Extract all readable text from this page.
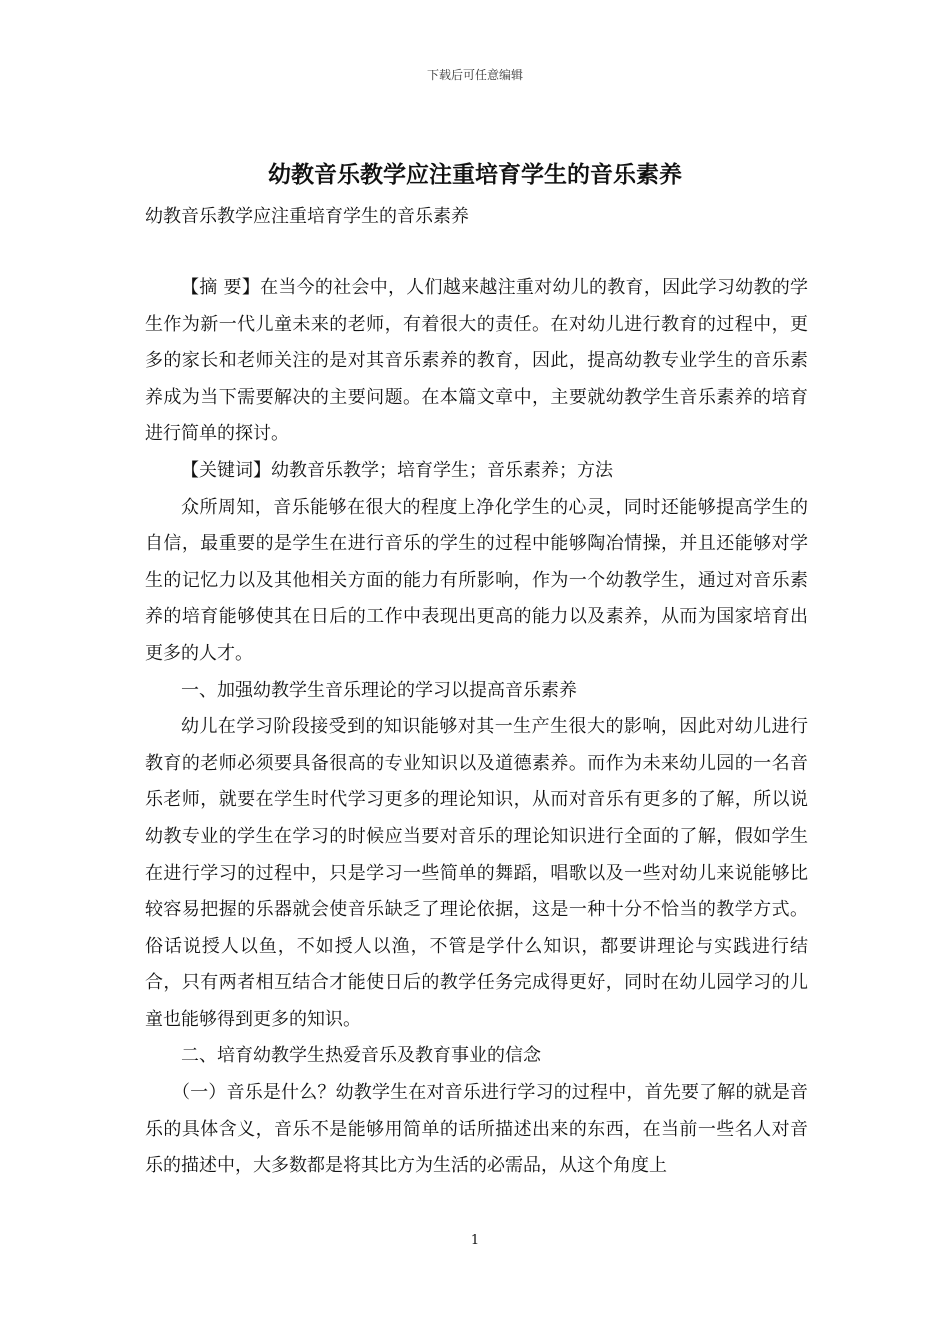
下载后可任意编辑
幼教音乐教学应注重培育学生的音乐素养
幼教音乐教学应注重培育学生的音乐素养

【摘 要】在当今的社会中，人们越来越注重对幼儿的教育，因此学习幼教的学生作为新一代儿童未来的老师，有着很大的责任。在对幼儿进行教育的过程中，更多的家长和老师关注的是对其音乐素养的教育，因此，提高幼教专业学生的音乐素养成为当下需要解决的主要问题。在本篇文章中，主要就幼教学生音乐素养的培育进行简单的探讨。

【关键词】幼教音乐教学；培育学生；音乐素养；方法

众所周知，音乐能够在很大的程度上净化学生的心灵，同时还能够提高学生的自信，最重要的是学生在进行音乐的学生的过程中能够陶冶情操，并且还能够对学生的记忆力以及其他相关方面的能力有所影响，作为一个幼教学生，通过对音乐素养的培育能够使其在日后的工作中表现出更高的能力以及素养，从而为国家培育出更多的人才。

一、加强幼教学生音乐理论的学习以提高音乐素养

幼儿在学习阶段接受到的知识能够对其一生产生很大的影响，因此对幼儿进行教育的老师必须要具备很高的专业知识以及道德素养。而作为未来幼儿园的一名音乐老师，就要在学生时代学习更多的理论知识，从而对音乐有更多的了解，所以说幼教专业的学生在学习的时候应当要对音乐的理论知识进行全面的了解，假如学生在进行学习的过程中，只是学习一些简单的舞蹈，唱歌以及一些对幼儿来说能够比较容易把握的乐器就会使音乐缺乏了理论依据，这是一种十分不恰当的教学方式。俗话说授人以鱼，不如授人以渔，不管是学什么知识，都要讲理论与实践进行结合，只有两者相互结合才能使日后的教学任务完成得更好，同时在幼儿园学习的儿童也能够得到更多的知识。

二、培育幼教学生热爱音乐及教育事业的信念

（一）音乐是什么？幼教学生在对音乐进行学习的过程中，首先要了解的就是音乐的具体含义，音乐不是能够用简单的话所描述出来的东西，在当前一些名人对音乐的描述中，大多数都是将其比方为生活的必需品，从这个角度上

1
